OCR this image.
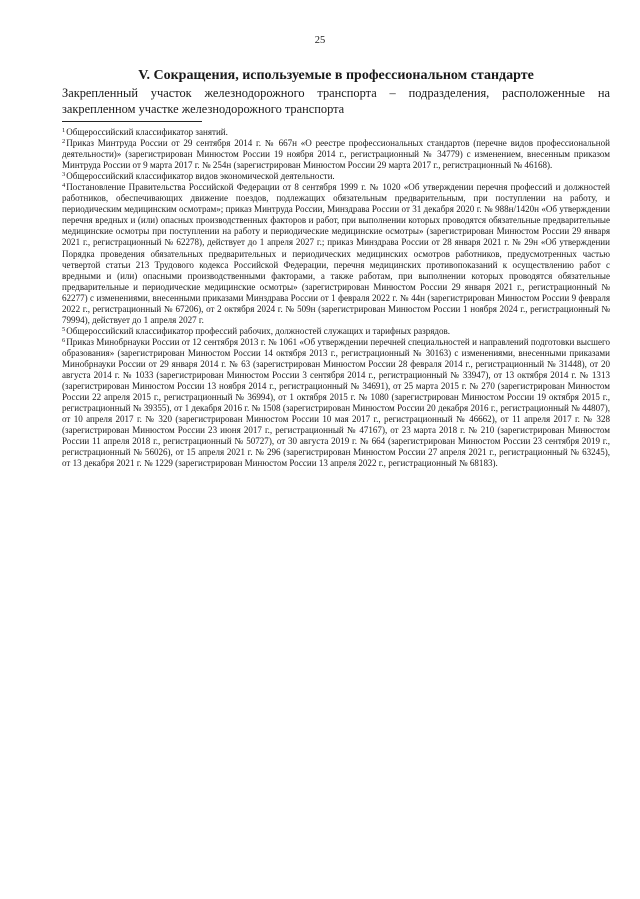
25
V. Сокращения, используемые в профессиональном стандарте
Закрепленный участок железнодорожного транспорта – подразделения, расположенные на закрепленном участке железнодорожного транспорта

$^1$Общероссийский классификатор занятий.

$^2$Приказ Минтруда России от 29 сентября 2014 г. № 667н «О реестре профессиональных стандартов (перечне видов профессиональной деятельности)» (зарегистрирован Минюстом России 19 ноября 2014 г., регистрационный № 34779) с изменением, внесенным приказом Минтруда России от 9 марта 2017 г. № 254н (зарегистрирован Минюстом России 29 марта 2017 г., регистрационный № 46168).

$^3$Общероссийский классификатор видов экономической деятельности.

$^4$Постановление Правительства Российской Федерации от 8 сентября 1999 г. № 1020 «Об утверждении перечня профессий и должностей работников, обеспечивающих движение поездов, подлежащих обязательным предварительным, при поступлении на работу, и периодическим медицинским осмотрам»; приказ Минтруда России, Минздрава России от 31 декабря 2020 г. № 988н/1420н «Об утверждении перечня вредных и (или) опасных производственных факторов и работ, при выполнении которых проводятся обязательные предварительные медицинские осмотры при поступлении на работу и периодические медицинские осмотры» (зарегистрирован Минюстом России 29 января 2021 г., регистрационный № 62278), действует до 1 апреля 2027 г.; приказ Минздрава России от 28 января 2021 г. № 29н «Об утверждении Порядка проведения обязательных предварительных и периодических медицинских осмотров работников, предусмотренных частью четвертой статьи 213 Трудового кодекса Российской Федерации, перечня медицинских противопоказаний к осуществлению работ с вредными и (или) опасными производственными факторами, а также работам, при выполнении которых проводятся обязательные предварительные и периодические медицинские осмотры» (зарегистрирован Минюстом России 29 января 2021 г., регистрационный № 62277) с изменениями, внесенными приказами Минздрава России от 1 февраля 2022 г. № 44н (зарегистрирован Минюстом России 9 февраля 2022 г., регистрационный № 67206), от 2 октября 2024 г. № 509н (зарегистрирован Минюстом России 1 ноября 2024 г., регистрационный № 79994), действует до 1 апреля 2027 г.

$^5$Общероссийский классификатор профессий рабочих, должностей служащих и тарифных разрядов.

$^6$Приказ Минобрнауки России от 12 сентября 2013 г. № 1061 «Об утверждении перечней специальностей и направлений подготовки высшего образования» (зарегистрирован Минюстом России 14 октября 2013 г., регистрационный № 30163) с изменениями, внесенными приказами Минобрнауки России от 29 января 2014 г. № 63 (зарегистрирован Минюстом России 28 февраля 2014 г., регистрационный № 31448), от 20 августа 2014 г. № 1033 (зарегистрирован Минюстом России 3 сентября 2014 г., регистрационный № 33947), от 13 октября 2014 г. № 1313 (зарегистрирован Минюстом России 13 ноября 2014 г., регистрационный № 34691), от 25 марта 2015 г. № 270 (зарегистрирован Минюстом России 22 апреля 2015 г., регистрационный № 36994), от 1 октября 2015 г. № 1080 (зарегистрирован Минюстом России 19 октября 2015 г., регистрационный № 39355), от 1 декабря 2016 г. № 1508 (зарегистрирован Минюстом России 20 декабря 2016 г., регистрационный № 44807), от 10 апреля 2017 г. № 320 (зарегистрирован Минюстом России 10 мая 2017 г., регистрационный № 46662), от 11 апреля 2017 г. № 328 (зарегистрирован Минюстом России 23 июня 2017 г., регистрационный № 47167), от 23 марта 2018 г. № 210 (зарегистрирован Минюстом России 11 апреля 2018 г., регистрационный № 50727), от 30 августа 2019 г. № 664 (зарегистрирован Минюстом России 23 сентября 2019 г., регистрационный № 56026), от 15 апреля 2021 г. № 296 (зарегистрирован Минюстом России 27 апреля 2021 г., регистрационный № 63245), от 13 декабря 2021 г. № 1229 (зарегистрирован Минюстом России 13 апреля 2022 г., регистрационный № 68183).
